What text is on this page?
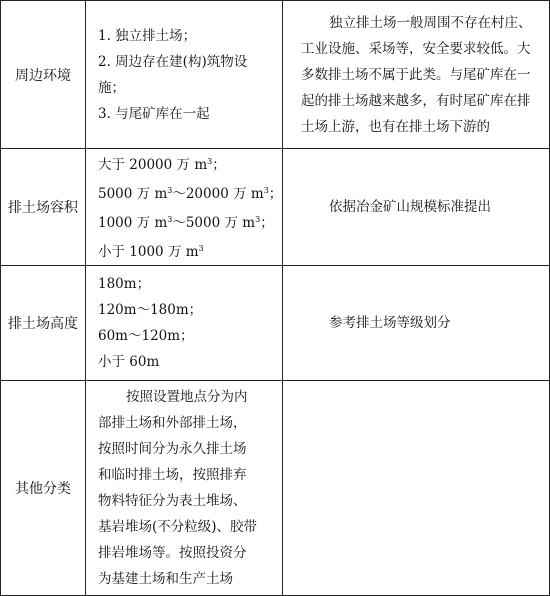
周边环境	1. 独立排土场；
2. 周边存在建(构)筑物设施；
3. 与尾矿库在一起	独立排土场一般周围不存在村庄、工业设施、采场等，安全要求较低。大多数排土场不属于此类。与尾矿库在一起的排土场越来越多，有时尾矿库在排土场上游，也有在排土场下游的

排土场容积	大于 20000 万 $m^3$；
5000 万 $m^3\sim 20000$ 万 $m^3$；
1000 万 $m^3\sim 5000$ 万 $m^3$；
小于 1000 万 $m^3$	依据冶金矿山规模标准提出

排土场高度	180m；
120m～180m；
60m～120m；
小于 60m	参考排土场等级划分

其他分类	按照设置地点分为内部排土场和外部排土场，按照时间分为永久排土场和临时排土场，按照排弃物料特征分为表土堆场、基岩堆场(不分粒级)、胶带排岩堆场等。按照投资分为基建土场和生产土场	
